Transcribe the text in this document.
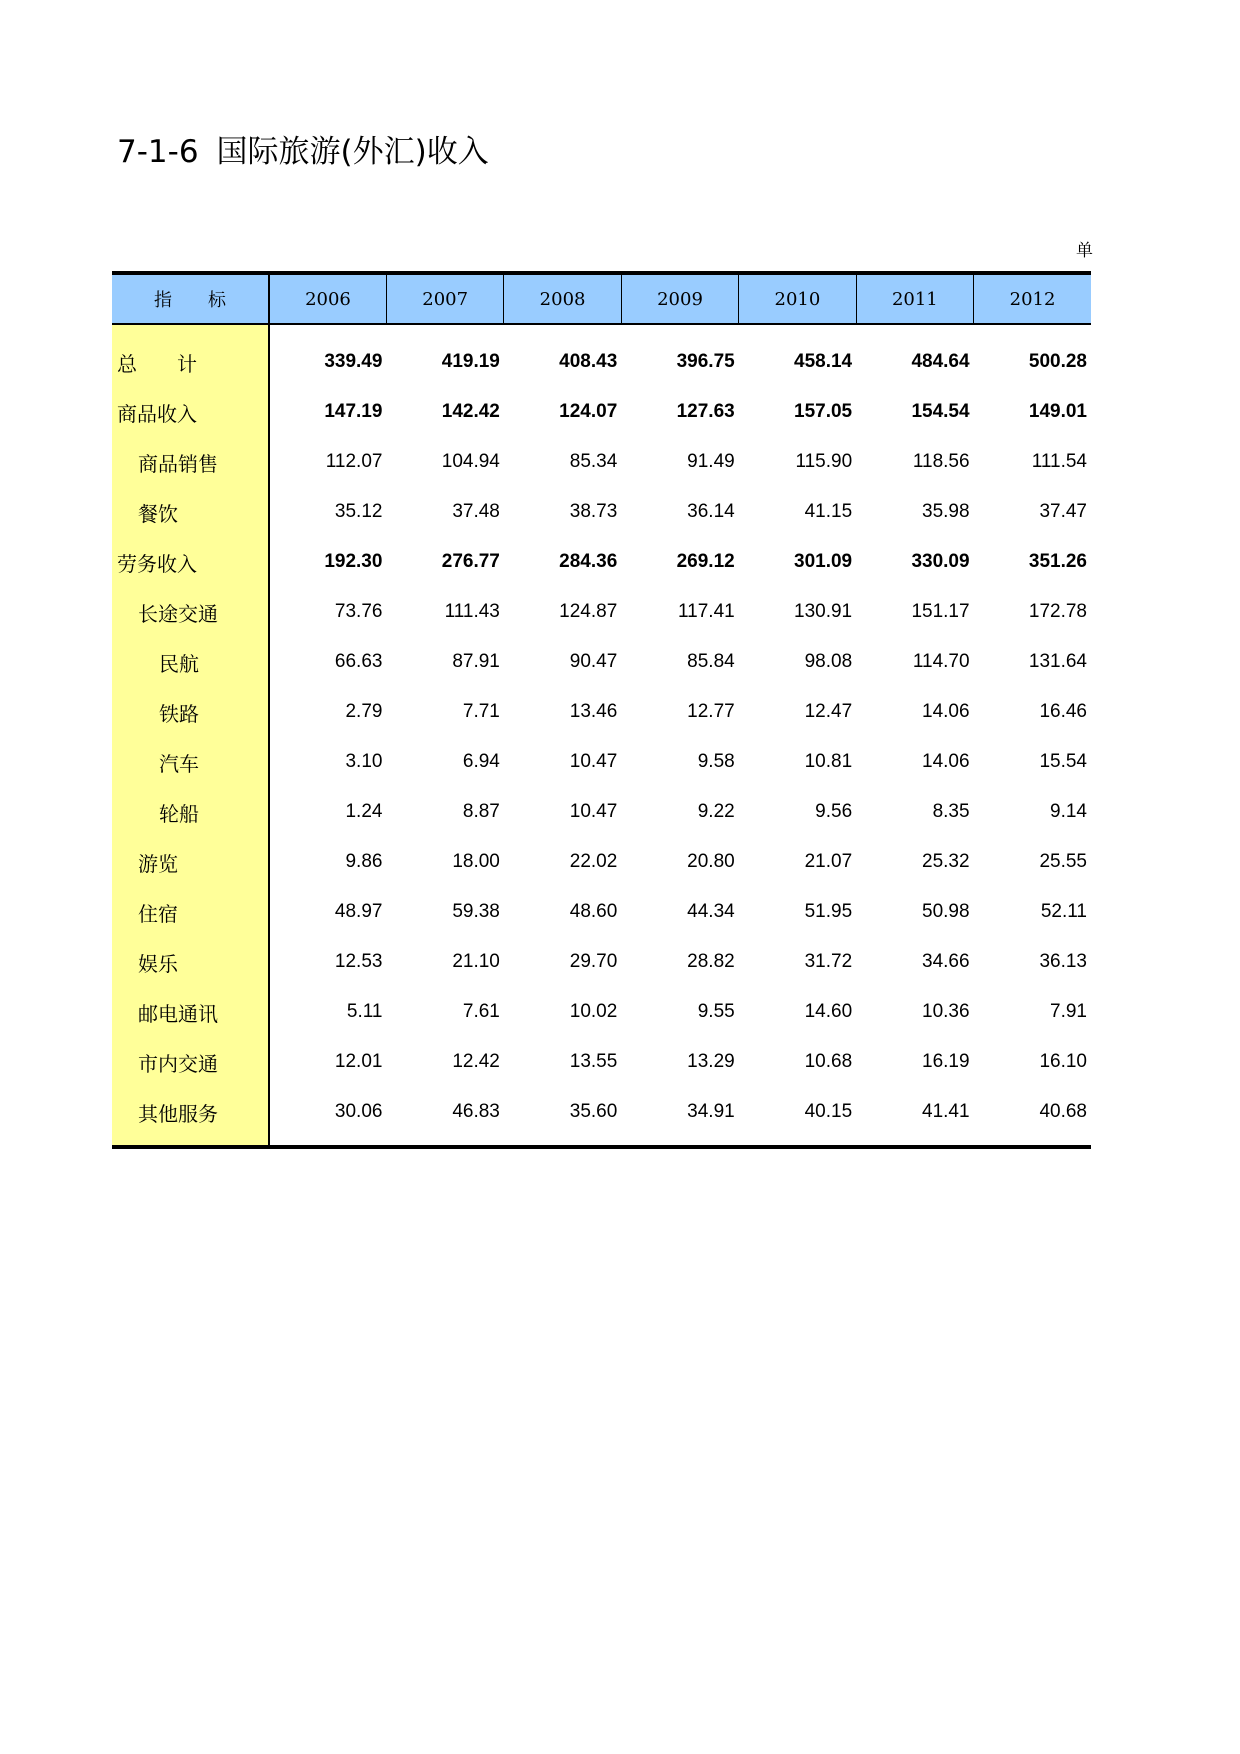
7-1-6 国际旅游(外汇)收入
单
指　　标	2006	2007	2008	2009	2010	2011	2012
总　　计	339.49	419.19	408.43	396.75	458.14	484.64	500.28
商品收入	147.19	142.42	124.07	127.63	157.05	154.54	149.01
商品销售	112.07	104.94	85.34	91.49	115.90	118.56	111.54
餐饮	35.12	37.48	38.73	36.14	41.15	35.98	37.47
劳务收入	192.30	276.77	284.36	269.12	301.09	330.09	351.26
长途交通	73.76	111.43	124.87	117.41	130.91	151.17	172.78
民航	66.63	87.91	90.47	85.84	98.08	114.70	131.64
铁路	2.79	7.71	13.46	12.77	12.47	14.06	16.46
汽车	3.10	6.94	10.47	9.58	10.81	14.06	15.54
轮船	1.24	8.87	10.47	9.22	9.56	8.35	9.14
游览	9.86	18.00	22.02	20.80	21.07	25.32	25.55
住宿	48.97	59.38	48.60	44.34	51.95	50.98	52.11
娱乐	12.53	21.10	29.70	28.82	31.72	34.66	36.13
邮电通讯	5.11	7.61	10.02	9.55	14.60	10.36	7.91
市内交通	12.01	12.42	13.55	13.29	10.68	16.19	16.10
其他服务	30.06	46.83	35.60	34.91	40.15	41.41	40.68
